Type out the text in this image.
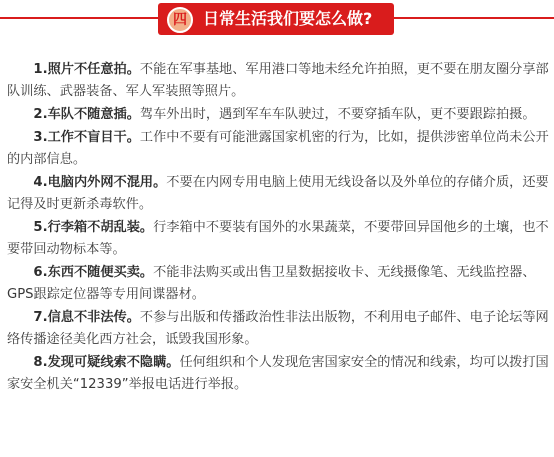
四	日常生活我们要怎么做?

1.照片不任意拍。不能在军事基地、军用港口等地未经允许拍照，更不要在朋友圈分享部队训练、武器装备、军人军装照等照片。

2.车队不随意插。驾车外出时，遇到军车车队驶过，不要穿插车队，更不要跟踪拍摄。

3.工作不盲目干。工作中不要有可能泄露国家机密的行为，比如，提供涉密单位尚未公开的内部信息。

4.电脑内外网不混用。不要在内网专用电脑上使用无线设备以及外单位的存储介质，还要记得及时更新杀毒软件。

5.行李箱不胡乱装。行李箱中不要装有国外的水果蔬菜，不要带回异国他乡的土壤，也不要带回动物标本等。

6.东西不随便买卖。不能非法购买或出售卫星数据接收卡、无线摄像笔、无线监控器、GPS跟踪定位器等专用间谍器材。

7.信息不非法传。不参与出版和传播政治性非法出版物，不利用电子邮件、电子论坛等网络传播途径美化西方社会，诋毁我国形象。

8.发现可疑线索不隐瞒。任何组织和个人发现危害国家安全的情况和线索，均可以拨打国家安全机关“12339”举报电话进行举报。
